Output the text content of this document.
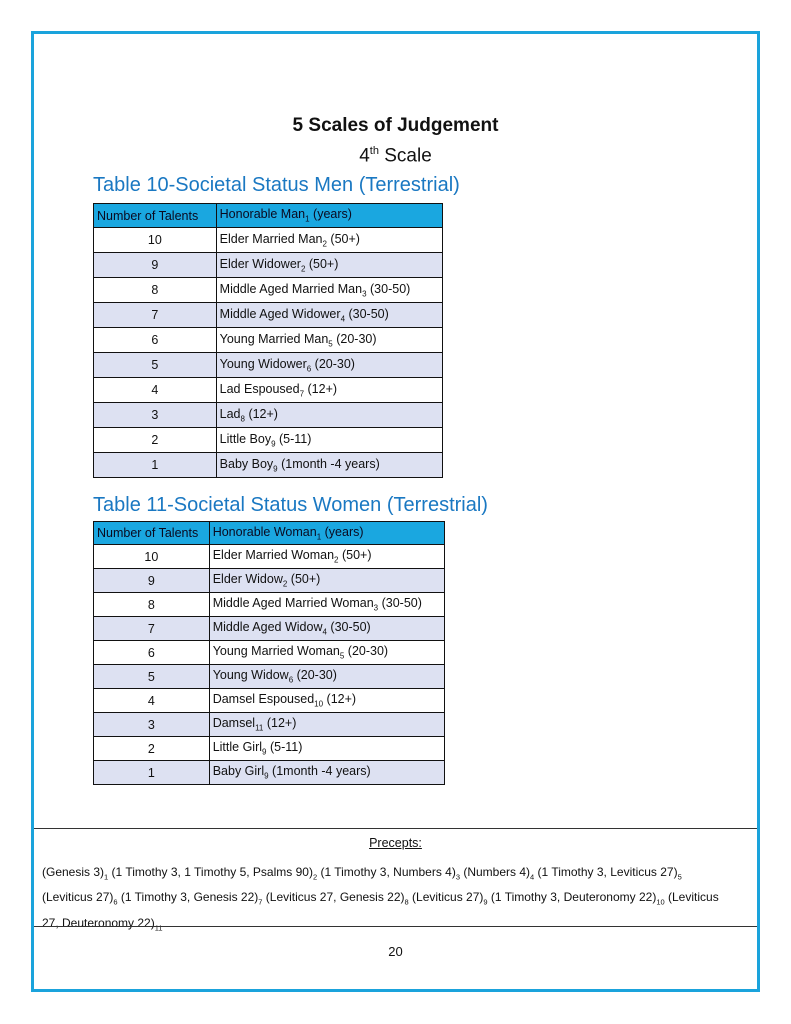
5 Scales of Judgement
4th Scale
Table 10-Societal Status Men (Terrestrial)
Number of Talents	Honorable Man$_1$ (years)
10	Elder Married Man$_2$ (50+)
9	Elder Widower$_2$ (50+)
8	Middle Aged Married Man$_3$ (30-50)
7	Middle Aged Widower$_4$ (30-50)
6	Young Married Man$_5$ (20-30)
5	Young Widower$_6$ (20-30)
4	Lad Espoused$_7$ (12+)
3	Lad$_8$ (12+)
2	Little Boy$_9$ (5-11)
1	Baby Boy$_9$ (1month -4 years)
Table 11-Societal Status Women (Terrestrial)
Number of Talents	Honorable Woman$_1$ (years)
10	Elder Married Woman$_2$ (50+)
9	Elder Widow$_2$ (50+)
8	Middle Aged Married Woman$_3$ (30-50)
7	Middle Aged Widow$_4$ (30-50)
6	Young Married Woman$_5$ (20-30)
5	Young Widow$_6$ (20-30)
4	Damsel Espoused$_{10}$ (12+)
3	Damsel$_{11}$ (12+)
2	Little Girl$_9$ (5-11)
1	Baby Girl$_9$ (1month -4 years)
Precepts:
(Genesis $3)_1$ (1 Timothy 3, 1 Timothy 5, Psalms $90)_2$ (1 Timothy 3, Numbers $4)_3$ (Numbers $4)_4$ (1 Timothy 3, Leviticus $27)_5$ (Leviticus $27)_6$ (1 Timothy 3, Genesis $22)_7$ (Leviticus 27, Genesis $22)_8$ (Leviticus $27)_9$ (1 Timothy 3, Deuteronomy $22)_{10}$ (Leviticus 27, Deuteronomy $22)_{11}$
20
